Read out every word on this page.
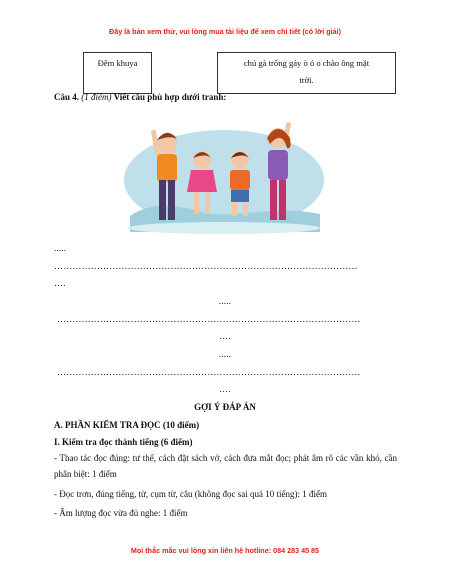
Đây là bản xem thử, vui lòng mua tài liệu để xem chi tiết (có lời giải)
Đêm khuya		chú gà trống gáy ò ó o chào ông mặt
trời.
Câu 4. (1 điểm) Viết câu phù hợp dưới tranh:
.....
………………………………………………………………………………………
….
.....
………………………………………………………………………………………
….
.....
………………………………………………………………………………………
….
GỢI Ý ĐÁP ÁN
A. PHẦN KIỂM TRA ĐỌC (10 điểm)
I. Kiểm tra đọc thành tiếng (6 điểm)
- Thao tác đọc đúng: tư thế, cách đặt sách vở, cách đưa mắt đọc; phát âm rõ các vần khó, cần phân biệt: 1 điểm
- Đọc trơn, đúng tiếng, từ, cụm từ, câu (không đọc sai quá 10 tiếng): 1 điểm
- Âm lượng đọc vừa đủ nghe: 1 điểm
Mọi thắc mắc vui lòng xin liên hệ hotline: 084 283 45 85
